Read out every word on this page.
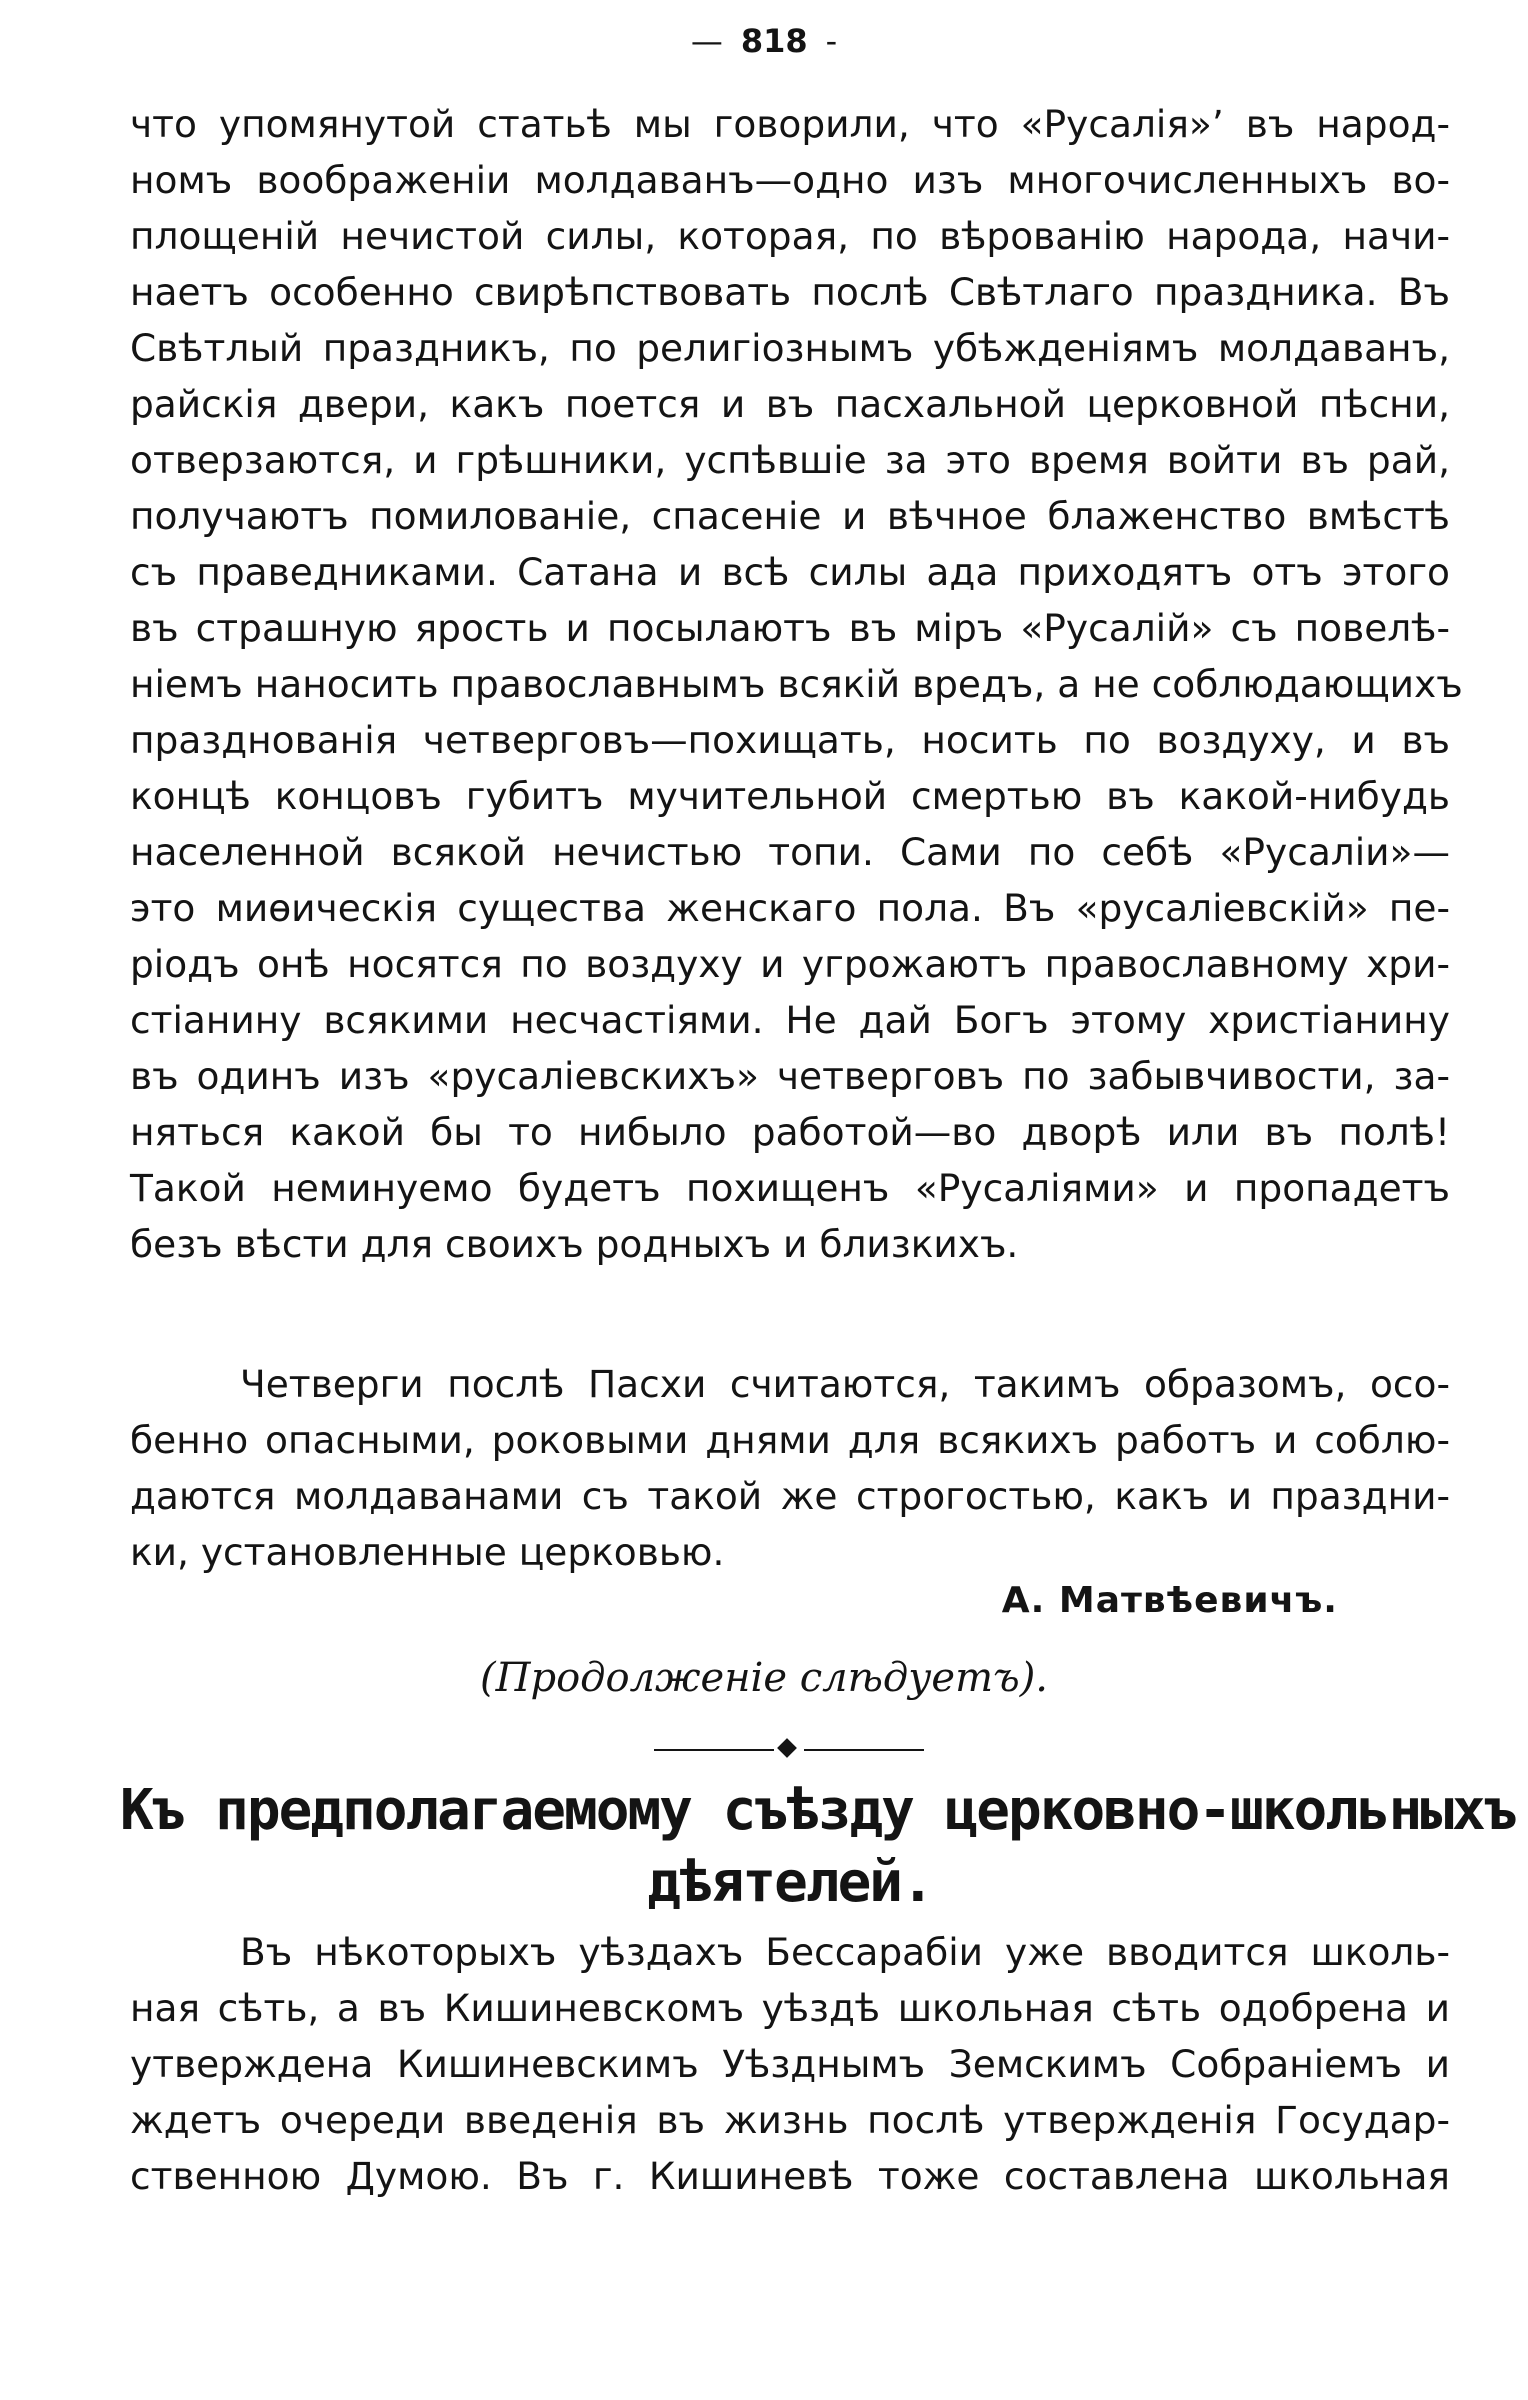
— 818 -
что упомянутой статьѣ мы говорили, что «Русалія»’ въ народ-
номъ воображеніи молдаванъ—одно изъ многочисленныхъ во-
площеній нечистой силы, которая, по вѣрованію народа, начи-
наетъ особенно свирѣпствовать послѣ Свѣтлаго праздника. Въ
Свѣтлый праздникъ, по религіознымъ убѣжденіямъ молдаванъ,
райскія двери, какъ поется и въ пасхальной церковной пѣсни,
отверзаются, и грѣшники, успѣвшіе за это время войти въ рай,
получаютъ помилованіе, спасеніе и вѣчное блаженство вмѣстѣ
съ праведниками. Сатана и всѣ силы ада приходятъ отъ этого
въ страшную ярость и посылаютъ въ міръ «Русалій» съ повелѣ-
ніемъ наносить православнымъ всякій вредъ, а не соблюдающихъ
празднованія четверговъ—похищать, носить по воздуху, и въ
концѣ концовъ губитъ мучительной смертью въ какой-нибудь
населенной всякой нечистью топи. Сами по себѣ «Русаліи»—
это миѳическія существа женскаго пола. Въ «русаліевскій» пе-
ріодъ онѣ носятся по воздуху и угрожаютъ православному хри-
стіанину всякими несчастіями. Не дай Богъ этому христіанину
въ одинъ изъ «русаліевскихъ» четверговъ по забывчивости, за-
няться какой бы то нибыло работой—во дворѣ или въ полѣ!
Такой неминуемо будетъ похищенъ «Русаліями» и пропадетъ
безъ вѣсти для своихъ родныхъ и близкихъ.
Четверги послѣ Пасхи считаются, такимъ образомъ, осо-
бенно опасными, роковыми днями для всякихъ работъ и соблю-
даются молдаванами съ такой же строгостью, какъ и праздни-
ки, установленные церковью.
А. Матвѣевичъ.
(Продолженіе слѣдуетъ).
Къ предполагаемому съѣзду церковно-школьныхъ
дѣятелей.
Въ нѣкоторыхъ уѣздахъ Бессарабіи уже вводится школь-
ная сѣть, а въ Кишиневскомъ уѣздѣ школьная сѣть одобрена и
утверждена Кишиневскимъ Уѣзднымъ Земскимъ Собраніемъ и
ждетъ очереди введенія въ жизнь послѣ утвержденія Государ-
ственною Думою. Въ г. Кишиневѣ тоже составлена школьная
